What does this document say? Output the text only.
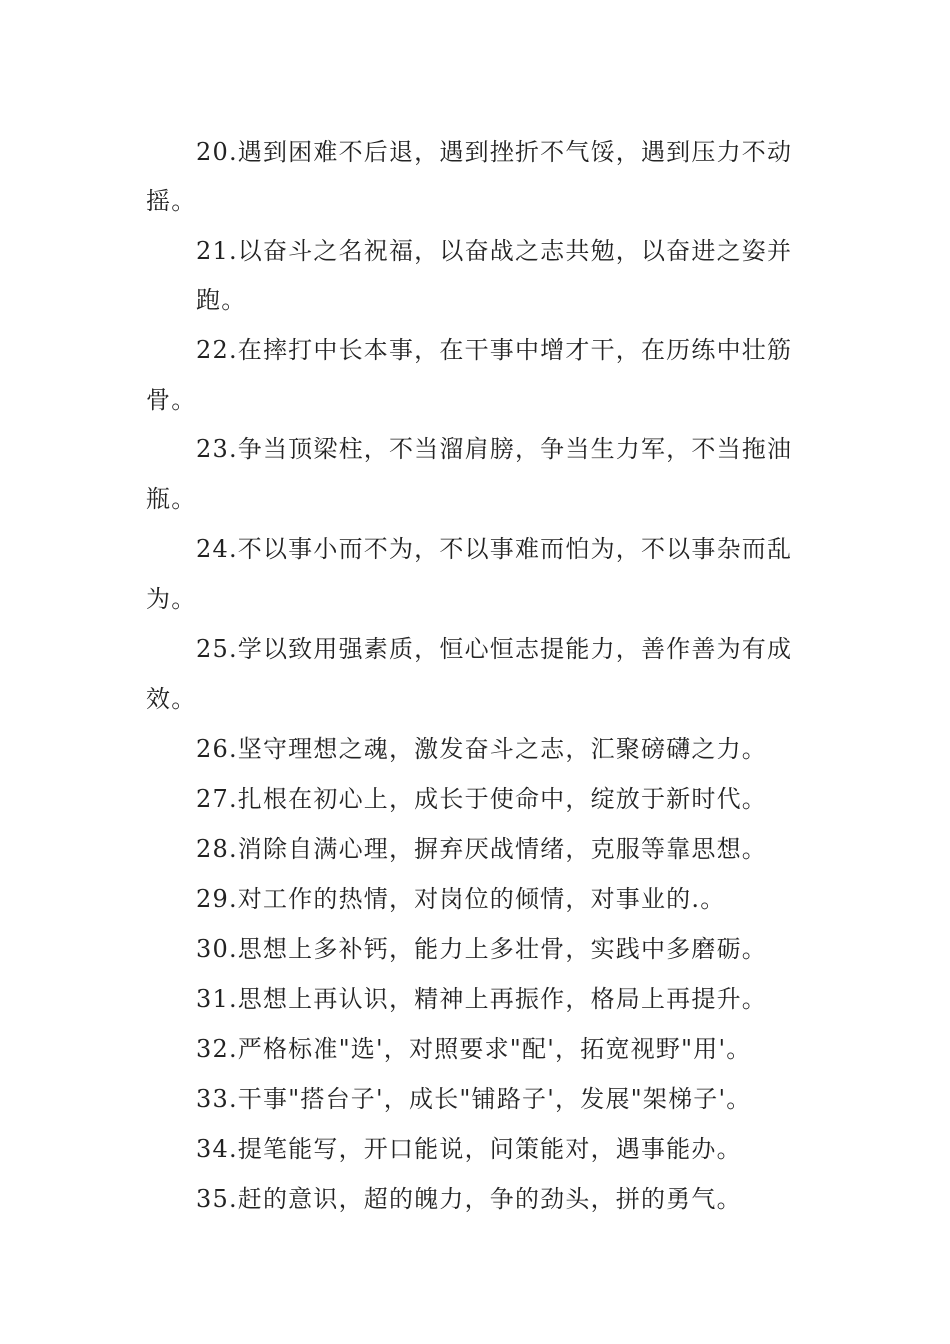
20.遇到困难不后退，遇到挫折不气馁，遇到压力不动
摇。
21.以奋斗之名祝福，以奋战之志共勉，以奋进之姿并
跑。
22.在摔打中长本事，在干事中增才干，在历练中壮筋
骨。
23.争当顶梁柱，不当溜肩膀，争当生力军，不当拖油
瓶。
24.不以事小而不为，不以事难而怕为，不以事杂而乱
为。
25.学以致用强素质，恒心恒志提能力，善作善为有成
效。
26.坚守理想之魂，激发奋斗之志，汇聚磅礴之力。
27.扎根在初心上，成长于使命中，绽放于新时代。
28.消除自满心理，摒弃厌战情绪，克服等靠思想。
29.对工作的热情，对岗位的倾情，对事业的.。
30.思想上多补钙，能力上多壮骨，实践中多磨砺。
31.思想上再认识，精神上再振作，格局上再提升。
32.严格标准"选'，对照要求"配'，拓宽视野"用'。
33.干事"搭台子'，成长"铺路子'，发展"架梯子'。
34.提笔能写，开口能说，问策能对，遇事能办。
35.赶的意识，超的魄力，争的劲头，拼的勇气。
